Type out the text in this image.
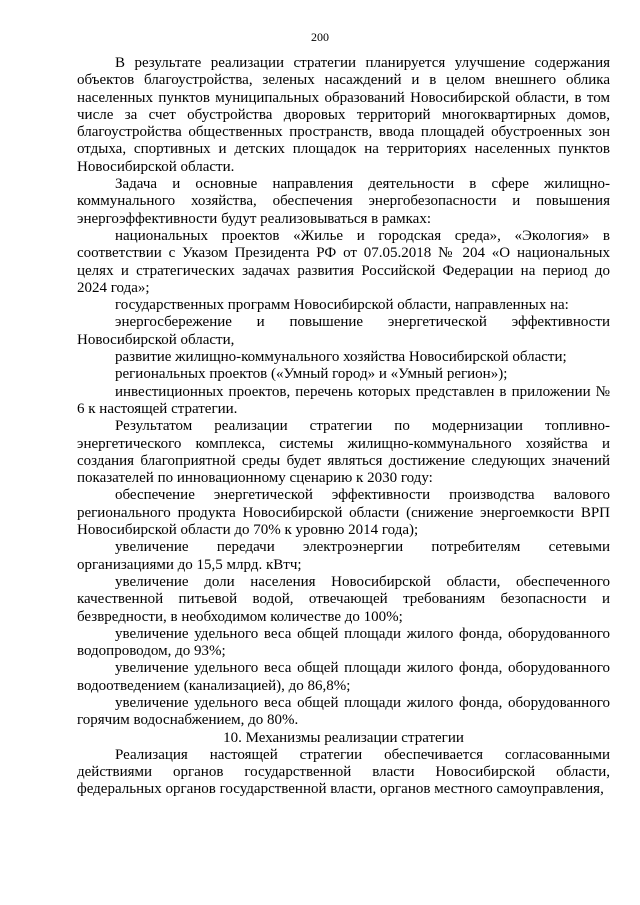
200

В результате реализации стратегии планируется улучшение содержания объектов благоустройства, зеленых насаждений и в целом внешнего облика населенных пунктов муниципальных образований Новосибирской области, в том числе за счет обустройства дворовых территорий многоквартирных домов, благоустройства общественных пространств, ввода площадей обустроенных зон отдыха, спортивных и детских площадок на территориях населенных пунктов Новосибирской области.

Задача и основные направления деятельности в сфере жилищно-коммунального хозяйства, обеспечения энергобезопасности и повышения энергоэффективности будут реализовываться в рамках:

национальных проектов «Жилье и городская среда», «Экология» в соответствии с Указом Президента РФ от 07.05.2018 № 204 «О национальных целях и стратегических задачах развития Российской Федерации на период до 2024 года»;

государственных программ Новосибирской области, направленных на:

энергосбережение и повышение энергетической эффективности Новосибирской области,

развитие жилищно-коммунального хозяйства Новосибирской области;

региональных проектов («Умный город» и «Умный регион»);

инвестиционных проектов, перечень которых представлен в приложении № 6 к настоящей стратегии.

Результатом реализации стратегии по модернизации топливно-энергетического комплекса, системы жилищно-коммунального хозяйства и создания благоприятной среды будет являться достижение следующих значений показателей по инновационному сценарию к 2030 году:

обеспечение энергетической эффективности производства валового регионального продукта Новосибирской области (снижение энергоемкости ВРП Новосибирской области до 70% к уровню 2014 года);

увеличение передачи электроэнергии потребителям сетевыми организациями до 15,5 млрд. кВтч;

увеличение доли населения Новосибирской области, обеспеченного качественной питьевой водой, отвечающей требованиям безопасности и безвредности, в необходимом количестве до 100%;

увеличение удельного веса общей площади жилого фонда, оборудованного водопроводом, до 93%;

увеличение удельного веса общей площади жилого фонда, оборудованного водоотведением (канализацией), до 86,8%;

увеличение удельного веса общей площади жилого фонда, оборудованного горячим водоснабжением, до 80%.

10. Механизмы реализации стратегии

Реализация настоящей стратегии обеспечивается согласованными действиями органов государственной власти Новосибирской области, федеральных органов государственной власти, органов местного самоуправления,
